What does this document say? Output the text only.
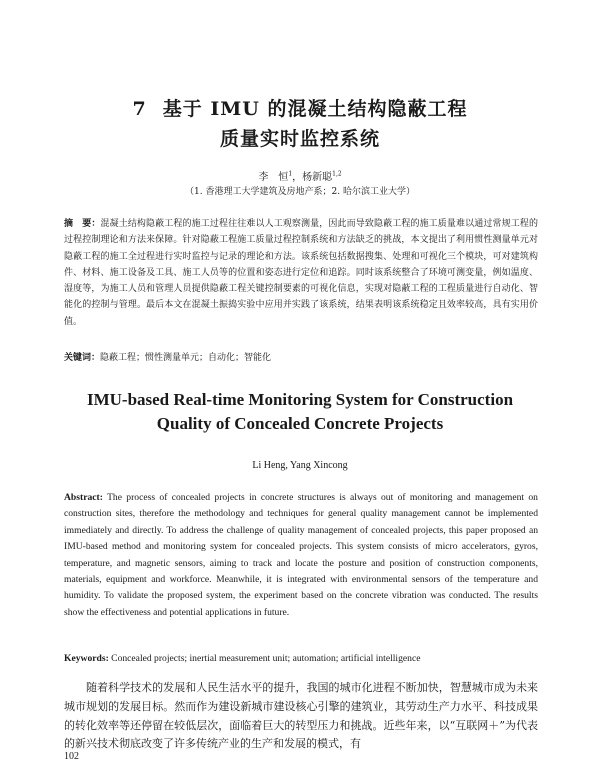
7 基于 IMU 的混凝土结构隐蔽工程
质量实时监控系统
李　恒$^1$，杨新聪$^{1,2}$
（1. 香港理工大学建筑及房地产系；2. 哈尔滨工业大学）
摘　要：混凝土结构隐蔽工程的施工过程往往难以人工观察测量，因此而导致隐蔽工程的施工质量难以通过常规工程的过程控制理论和方法来保障。针对隐蔽工程施工质量过程控制系统和方法缺乏的挑战，本文提出了利用惯性测量单元对隐蔽工程的施工全过程进行实时监控与记录的理论和方法。该系统包括数据搜集、处理和可视化三个模块，可对建筑构件、材料、施工设备及工具、施工人员等的位置和姿态进行定位和追踪。同时该系统整合了环境可测变量，例如温度、湿度等，为施工人员和管理人员提供隐蔽工程关键控制要素的可视化信息，实现对隐蔽工程的工程质量进行自动化、智能化的控制与管理。最后本文在混凝土振捣实验中应用并实践了该系统，结果表明该系统稳定且效率较高，具有实用价值。
关键词：隐蔽工程；惯性测量单元；自动化；智能化
IMU-based Real-time Monitoring System for Construction
Quality of Concealed Concrete Projects
Li Heng, Yang Xincong
Abstract: The process of concealed projects in concrete structures is always out of monitoring and management on construction sites, therefore the methodology and techniques for general quality management cannot be implemented immediately and directly. To address the challenge of quality management of concealed projects, this paper proposed an IMU-based method and monitoring system for concealed projects. This system consists of micro accelerators, gyros, temperature, and magnetic sensors, aiming to track and locate the posture and position of construction components, materials, equipment and workforce. Meanwhile, it is integrated with environmental sensors of the temperature and humidity. To validate the proposed system, the experiment based on the concrete vibration was conducted. The results show the effectiveness and potential applications in future.
Keywords: Concealed projects; inertial measurement unit; automation; artificial intelligence
随着科学技术的发展和人民生活水平的提升，我国的城市化进程不断加快，智慧城市成为未来城市规划的发展目标。然而作为建设新城市建设核心引擎的建筑业，其劳动生产力水平、科技成果的转化效率等还停留在较低层次，面临着巨大的转型压力和挑战。近些年来，以“互联网＋”为代表的新兴技术彻底改变了许多传统产业的生产和发展的模式，有
102
